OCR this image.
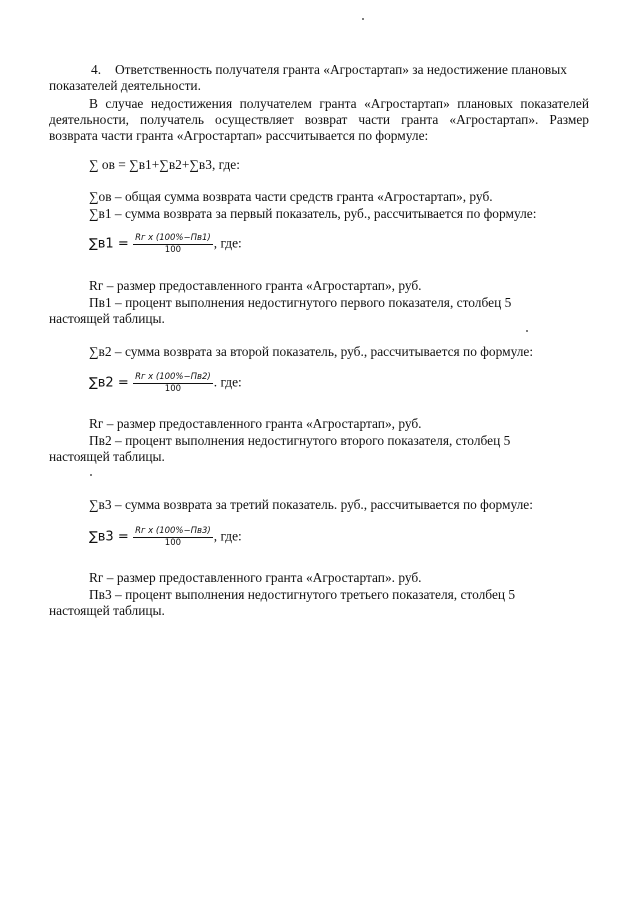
4. Ответственность получателя гранта «Агростартап» за недостижение плановых
показателей деятельности.
В случае недостижения получателем гранта «Агростартап» плановых показателей
деятельности, получатель осуществляет возврат части гранта «Агростартап». Размер
возврата части гранта «Агростартап» рассчитывается по формуле:
∑ ов = ∑в1+∑в2+∑в3, где:
∑ов – общая сумма возврата части средств гранта «Агростартап», руб.
∑в1 – сумма возврата за первый показатель, руб., рассчитывается по формуле:
$\sum в1 = \frac{\text{Rг x (100\%−Пв1)}}{100}$ , где:
Rг – размер предоставленного гранта «Агростартап», руб.
Пв1 – процент выполнения недостигнутого первого показателя, столбец 5
настоящей таблицы.
∑в2 – сумма возврата за второй показатель, руб., рассчитывается по формуле:
$\sum в2 = \frac{\text{Rг x (100\%−Пв2)}}{100}$ . где:
Rг – размер предоставленного гранта «Агростартап», руб.
Пв2 – процент выполнения недостигнутого второго показателя, столбец 5
настоящей таблицы.
∑в3 – сумма возврата за третий показатель. руб., рассчитывается по формуле:
$\sum в3 = \frac{\text{Rг x (100\%−Пв3)}}{100}$ , где:
Rг – размер предоставленного гранта «Агростартап». руб.
Пв3 – процент выполнения недостигнутого третьего показателя, столбец 5
настоящей таблицы.
